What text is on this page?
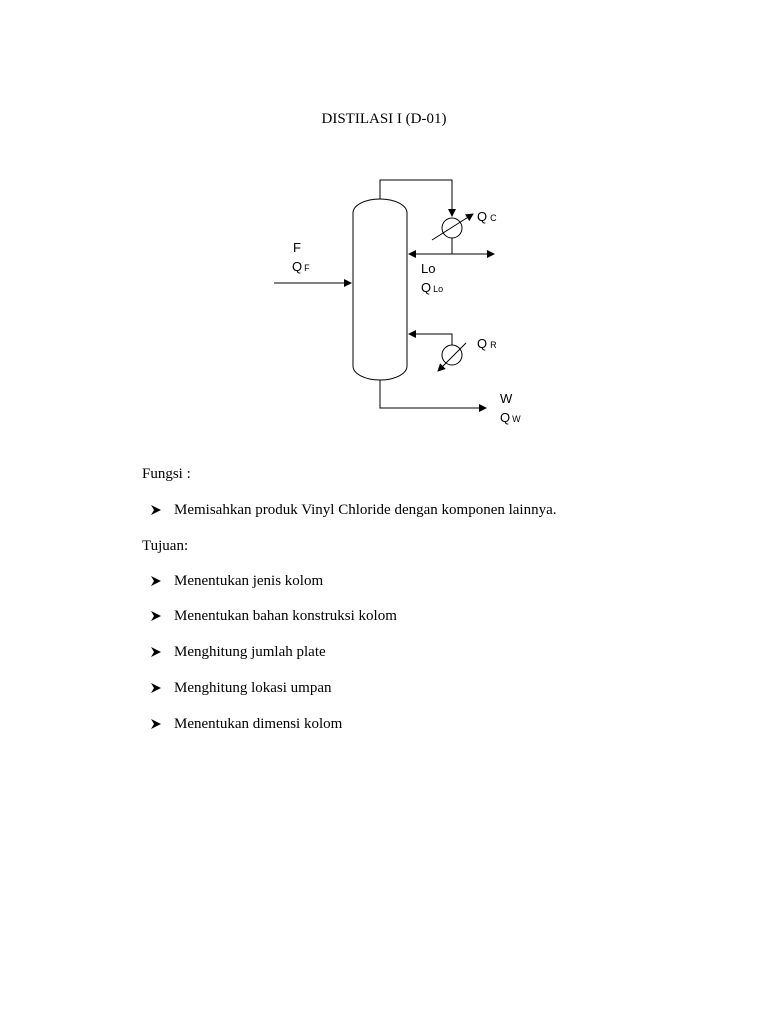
DISTILASI I (D-01)
F
Q F
Q C
Lo
Q Lo
Q R
W
Q W
Fungsi :
Memisahkan produk Vinyl Chloride dengan komponen lainnya.
Tujuan:
Menentukan jenis kolom
Menentukan bahan konstruksi kolom
Menghitung jumlah plate
Menghitung lokasi umpan
Menentukan dimensi kolom
